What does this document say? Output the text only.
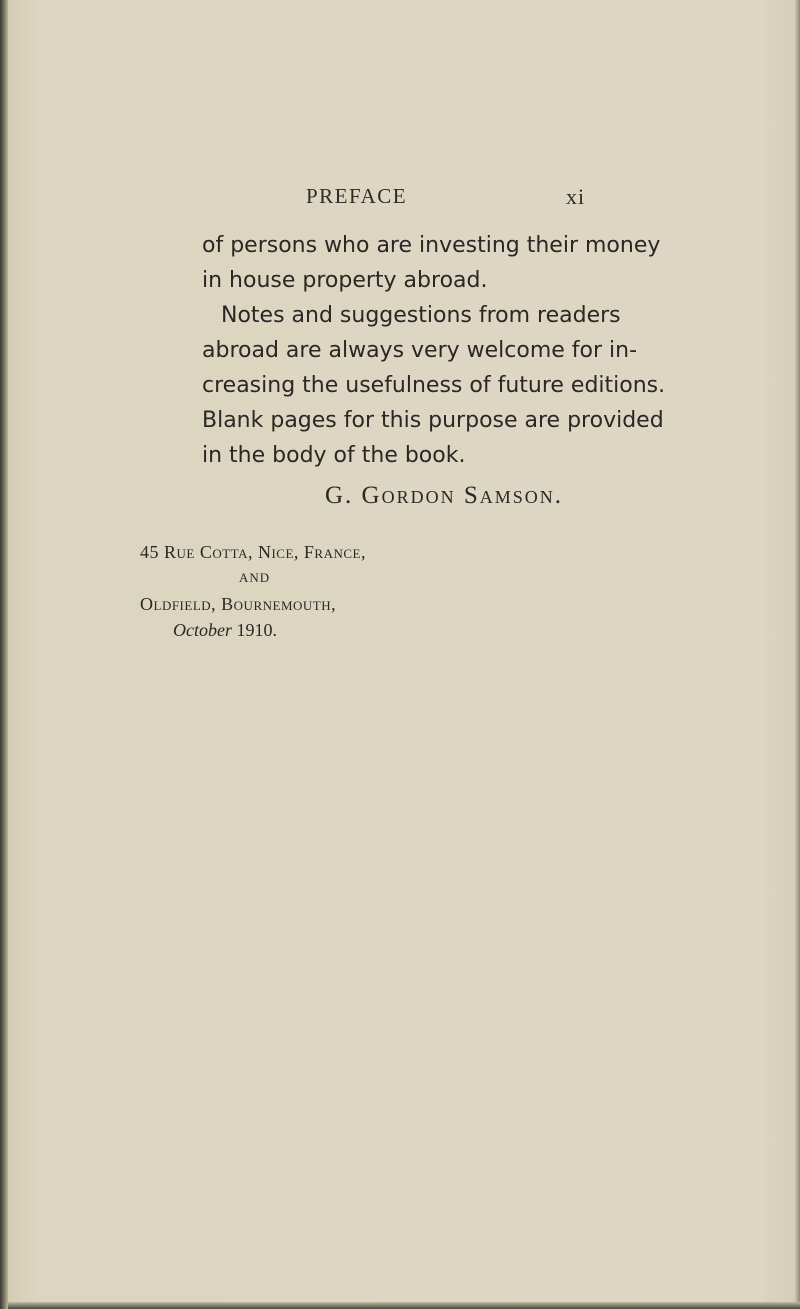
PREFACE	xi
of persons who are investing their money
in house property abroad.
Notes and suggestions from readers
abroad are always very welcome for in-
creasing the usefulness of future editions.
Blank pages for this purpose are provided
in the body of the book.
G. Gordon Samson.
45 Rue Cotta, Nice, France,
AND
Oldfield, Bournemouth,
October 1910.
